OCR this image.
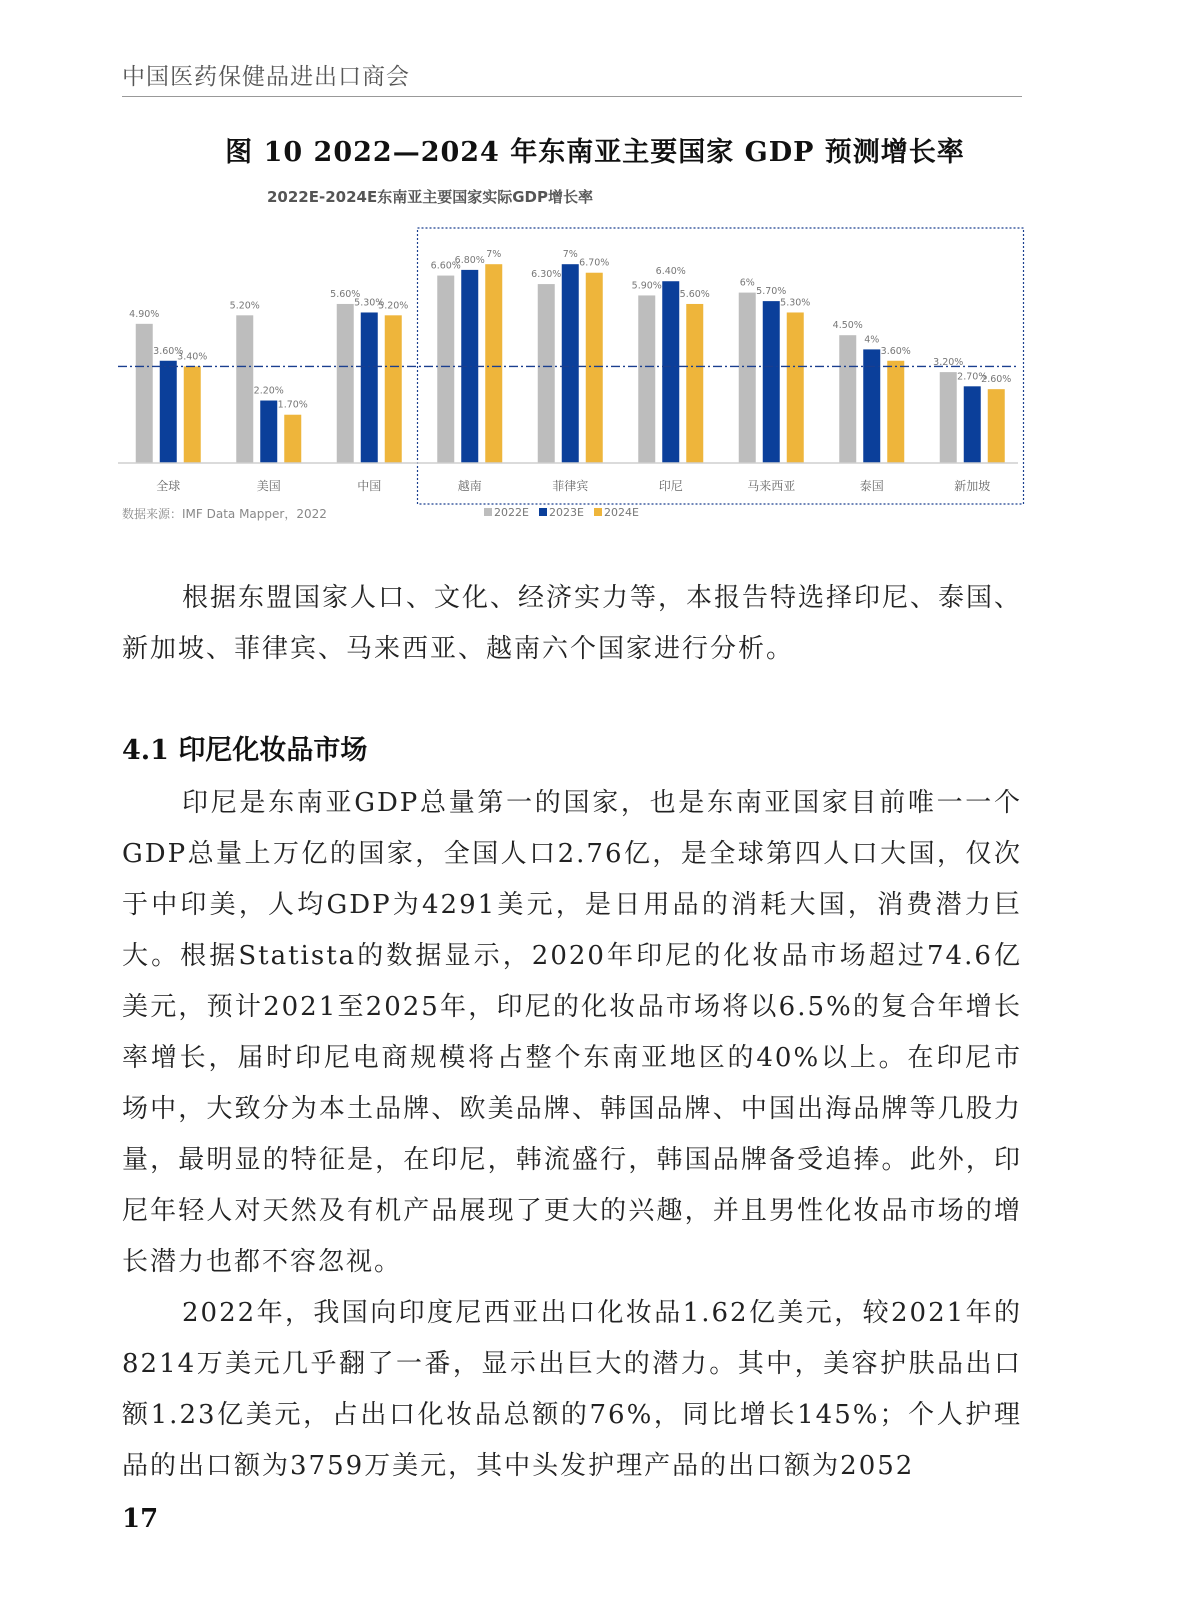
中国医药保健品进出口商会
图 10 2022—2024 年东南亚主要国家 GDP 预测增长率
2022E-2024E东南亚主要国家实际GDP增长率
4.90%
5.20%
5.60%
6.60%
6.30%
5.90%	6%
4.50%
3.20%
3.60%
2.20%
5.30%
6.80%
7%
6.40%
5.70%
4%
2.70%
3.40%
1.70%
5.20%
7%
6.70%
5.60%
5.30%
3.60%
2.60%
全球	美国	中国	越南	菲律宾	印尼	马来西亚	泰国	新加坡
数据来源：IMF Data Mapper，2022	2022E 2023E 2024E

根据东盟国家人口、文化、经济实力等，本报告特选择印尼、泰国、新加坡、菲律宾、马来西亚、越南六个国家进行分析。

4.1 印尼化妆品市场

印尼是东南亚GDP总量第一的国家，也是东南亚国家目前唯一一个GDP总量上万亿的国家，全国人口2.76亿，是全球第四人口大国，仅次于中印美，人均GDP为4291美元，是日用品的消耗大国，消费潜力巨大。根据Statista的数据显示，2020年印尼的化妆品市场超过74.6亿美元，预计2021至2025年，印尼的化妆品市场将以6.5%的复合年增长率增长，届时印尼电商规模将占整个东南亚地区的40%以上。在印尼市场中，大致分为本土品牌、欧美品牌、韩国品牌、中国出海品牌等几股力量，最明显的特征是，在印尼，韩流盛行，韩国品牌备受追捧。此外，印尼年轻人对天然及有机产品展现了更大的兴趣，并且男性化妆品市场的增长潜力也都不容忽视。

2022年，我国向印度尼西亚出口化妆品1.62亿美元，较2021年的8214万美元几乎翻了一番，显示出巨大的潜力。其中，美容护肤品出口额1.23亿美元，占出口化妆品总额的76%，同比增长145%；个人护理品的出口额为3759万美元，其中头发护理产品的出口额为2052

17
